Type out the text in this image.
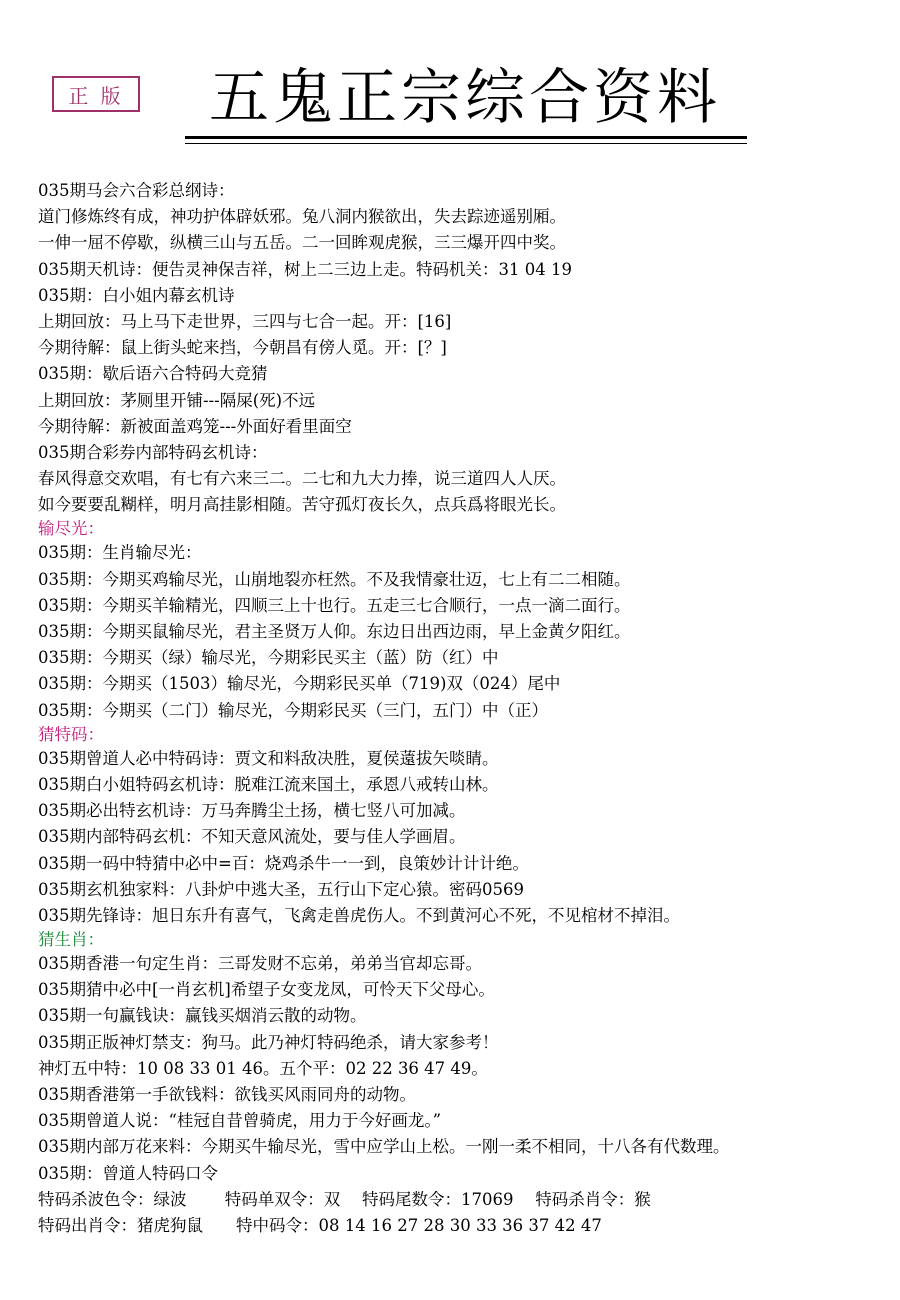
正 版	五鬼正宗综合资料
035期马会六合彩总纲诗：
道门修炼终有成，神功护体辟妖邪。兔八洞内猴欲出，失去踪迹遥别厢。
一伸一屈不停歇，纵横三山与五岳。二一回眸观虎猴，三三爆开四中奖。
035期天机诗：便告灵神保吉祥，树上二三边上走。特码机关：31 04 19
035期：白小姐内幕玄机诗
上期回放：马上马下走世界，三四与七合一起。开：[16]
今期待解：鼠上街头蛇来挡，今朝昌有傍人觅。开：[？]
035期：歇后语六合特码大竞猜
上期回放：茅厕里开铺---隔屎(死)不远
今期待解：新被面盖鸡笼---外面好看里面空
035期合彩券内部特码玄机诗：
春风得意交欢唱，有七有六来三二。二七和九大力捧，说三道四人人厌。
如今要要乱糊样，明月高挂影相随。苦守孤灯夜长久，点兵爲将眼光长。
输尽光：
035期：生肖输尽光：
035期：今期买鸡输尽光，山崩地裂亦枉然。不及我情豪壮迈，七上有二二相随。
035期：今期买羊输精光，四顺三上十也行。五走三七合顺行，一点一滴二面行。
035期：今期买鼠输尽光，君主圣贤万人仰。东边日出西边雨，早上金黄夕阳红。
035期：今期买（绿）输尽光，今期彩民买主（蓝）防（红）中
035期：今期买（1503）输尽光，今期彩民买单（719)双（024）尾中
035期：今期买（二门）输尽光，今期彩民买（三门，五门）中（正）
猜特码：
035期曾道人必中特码诗：贾文和料敌决胜，夏侯薳拔矢啖睛。
035期白小姐特码玄机诗：脱难江流来国土，承恩八戒转山林。
035期必出特玄机诗：万马奔腾尘土扬，横七竖八可加减。
035期内部特码玄机：不知天意风流处，要与佳人学画眉。
035期一码中特猜中必中=百：烧鸡杀牛一一到，良策妙计计计绝。
035期玄机独家料：八卦炉中逃大圣，五行山下定心猿。密码0569
035期先锋诗：旭日东升有喜气，飞禽走兽虎伤人。不到黄河心不死，不见棺材不掉泪。
猜生肖：
035期香港一句定生肖：三哥发财不忘弟，弟弟当官却忘哥。
035期猜中必中[一肖玄机]希望子女变龙凤，可怜天下父母心。
035期一句赢钱诀：赢钱买烟消云散的动物。
035期正版神灯禁支：狗马。此乃神灯特码绝杀，请大家参考！
神灯五中特：10 08 33 01 46。五个平：02 22 36 47 49。
035期香港第一手欲钱料：欲钱买风雨同舟的动物。
035期曾道人说：“桂冠自昔曾骑虎，用力于今好画龙。”
035期内部万花来料：今期买牛输尽光，雪中应学山上松。一刚一柔不相同，十八各有代数理。
035期：曾道人特码口令
特码杀波色令：绿波　　 特码单双令：双　 特码尾数令：17069　 特码杀肖令：猴
特码出肖令：猪虎狗鼠　　特中码令：08 14 16 27 28 30 33 36 37 42 47
